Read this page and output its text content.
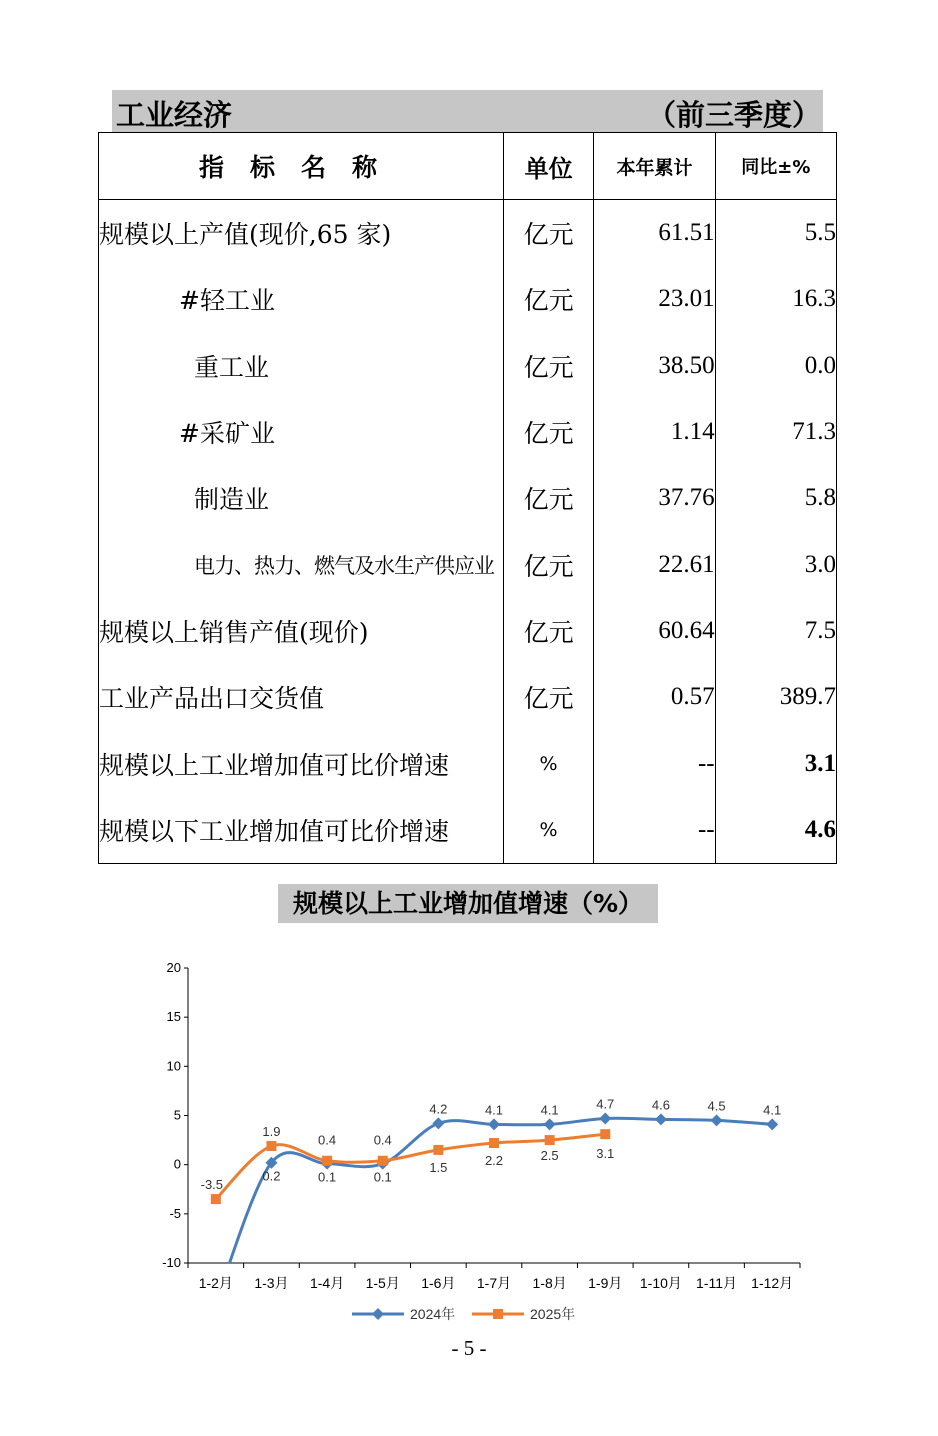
工业经济	（前三季度）
指标名称	单位	本年累计	同比±%
规模以上产值(现价,65 家)	亿元	61.51	5.5
#轻工业	亿元	23.01	16.3
重工业	亿元	38.50	0.0
#采矿业	亿元	1.14	71.3
制造业	亿元	37.76	5.8
电力、热力、燃气及水生产供应业	亿元	22.61	3.0
规模以上销售产值(现价)	亿元	60.64	7.5
工业产品出口交货值	亿元	0.57	389.7
规模以上工业增加值可比价增速	%	--	3.1
规模以下工业增加值可比价增速	%	--	4.6
规模以上工业增加值增速（%）
-10
-5
0
5
10
15
20
1-2月 1-3月 1-4月 1-5月 1-6月 1-7月 1-8月 1-9月 1-10月 1-11月 1-12月
0.2	0.1	0.1
4.2	4.1	4.1	4.7	4.6	4.5	4.1
-3.5
1.9
0.4	0.4
1.5	2.2	2.5	3.1
2024年	2025年
- 5 -
